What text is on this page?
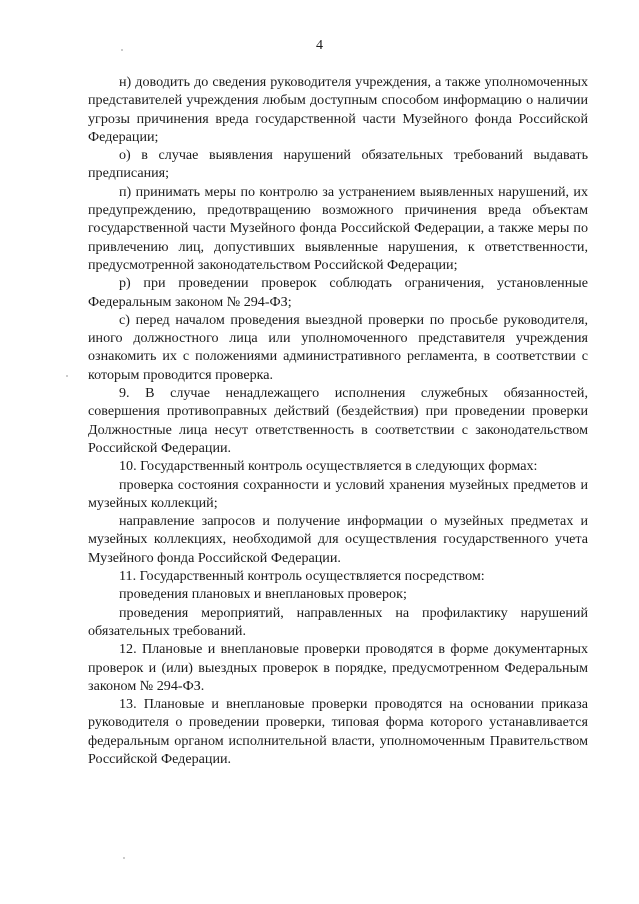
4

н) доводить до сведения руководителя учреждения, а также уполномоченных представителей учреждения любым доступным способом информацию о наличии угрозы причинения вреда государственной части Музейного фонда Российской Федерации;

о) в случае выявления нарушений обязательных требований выдавать предписания;

п) принимать меры по контролю за устранением выявленных нарушений, их предупреждению, предотвращению возможного причинения вреда объектам государственной части Музейного фонда Российской Федерации, а также меры по привлечению лиц, допустивших выявленные нарушения, к ответственности, предусмотренной законодательством Российской Федерации;

р) при проведении проверок соблюдать ограничения, установленные Федеральным законом № 294-ФЗ;

с) перед началом проведения выездной проверки по просьбе руководителя, иного должностного лица или уполномоченного представителя учреждения ознакомить их с положениями административного регламента, в соответствии с которым проводится проверка.

9. В случае ненадлежащего исполнения служебных обязанностей, совершения противоправных действий (бездействия) при проведении проверки Должностные лица несут ответственность в соответствии с законодательством Российской Федерации.

10. Государственный контроль осуществляется в следующих формах:

проверка состояния сохранности и условий хранения музейных предметов и музейных коллекций;

направление запросов и получение информации о музейных предметах и музейных коллекциях, необходимой для осуществления государственного учета Музейного фонда Российской Федерации.

11. Государственный контроль осуществляется посредством:

проведения плановых и внеплановых проверок;

проведения мероприятий, направленных на профилактику нарушений обязательных требований.

12. Плановые и внеплановые проверки проводятся в форме документарных проверок и (или) выездных проверок в порядке, предусмотренном Федеральным законом № 294-ФЗ.

13. Плановые и внеплановые проверки проводятся на основании приказа руководителя о проведении проверки, типовая форма которого устанавливается федеральным органом исполнительной власти, уполномоченным Правительством Российской Федерации.
